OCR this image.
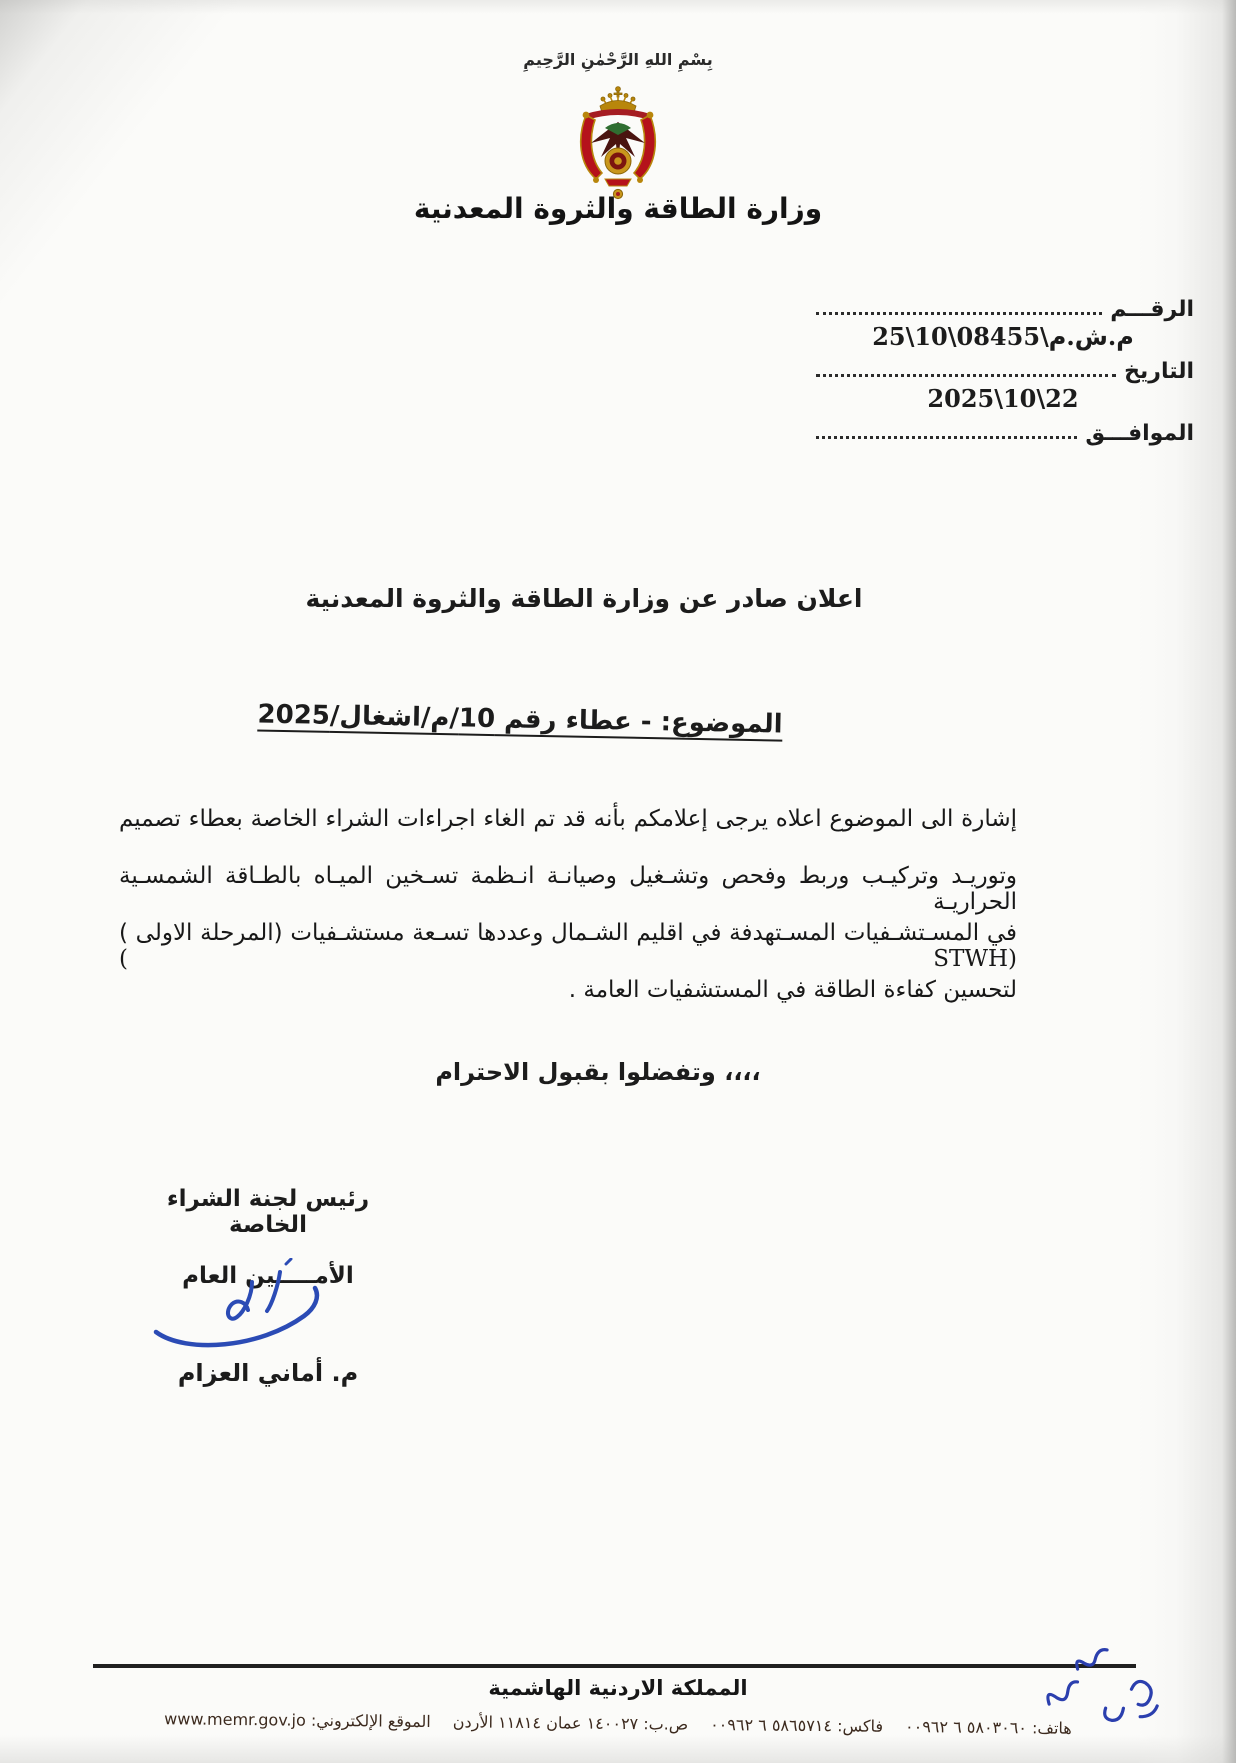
بِسْمِ اللهِ الرَّحْمٰنِ الرَّحِيمِ
وزارة الطاقة والثروة المعدنية
الرقـــم
م.ش.م\08455\10\25
التاريخ
22\10\2025
الموافـــق
اعلان صادر عن وزارة الطاقة والثروة المعدنية
الموضوع: - عطاء رقم 10/م/اشغال/2025
إشارة الى الموضوع اعلاه يرجى إعلامكم بأنه قد تم الغاء اجراءات الشراء الخاصة بعطاء تصميم
وتوريـد وتركيـب وربط وفحص وتشـغيل وصيانـة انـظمة تسـخين الميـاه بالطـاقة الشمسـية الحراريـة
في المسـتشـفيات المسـتهدفة في اقليم الشـمال وعددها تسـعة مستشـفيات (المرحلة الاولى ) ( STWH)
لتحسين كفاءة الطاقة في المستشفيات العامة .
وتفضلوا بقبول الاحترام ،،،،
رئيس لجنة الشراء الخاصة
الأمـــــين العام
م. أماني العزام
المملكة الاردنية الهاشمية
هاتف: ٥٨٠٣٠٦٠ ٦ ٠٠٩٦٢
فاكس: ٥٨٦٥٧١٤ ٦ ٠٠٩٦٢
ص.ب: ١٤٠٠٢٧ عمان ١١٨١٤ الأردن
الموقع الإلكتروني: www.memr.gov.jo
